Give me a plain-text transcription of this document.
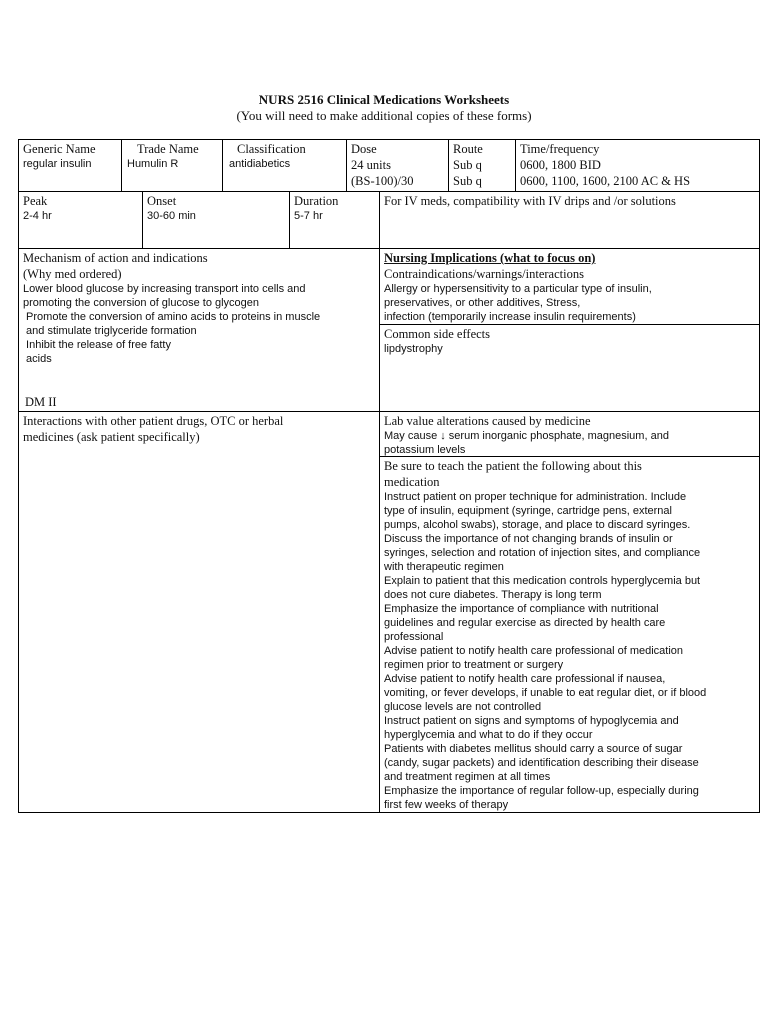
NURS 2516 Clinical Medications Worksheets
(You will need to make additional copies of these forms)
Generic Name
regular insulin
Trade Name
Humulin R
Classification
antidiabetics
Dose
24 units
(BS-100)/30
Route
Sub q
Sub q
Time/frequency
0600, 1800 BID
0600, 1100, 1600, 2100 AC & HS
Peak
2-4 hr
Onset
30-60 min
Duration
5-7 hr
For IV meds, compatibility with IV drips and /or solutions
Mechanism of action and indications
(Why med ordered)
Lower blood glucose by increasing transport into cells and
promoting the conversion of glucose to glycogen
Promote the conversion of amino acids to proteins in muscle
and stimulate triglyceride formation
Inhibit the release of free fatty
acids
DM II
Nursing Implications (what to focus on)
Contraindications/warnings/interactions
Allergy or hypersensitivity to a particular type of insulin,
preservatives, or other additives, Stress,
infection (temporarily increase insulin requirements)
Common side effects
lipdystrophy
Interactions with other patient drugs, OTC or herbal
medicines (ask patient specifically)
Lab value alterations caused by medicine
May cause ↓ serum inorganic phosphate, magnesium, and
potassium levels
Be sure to teach the patient the following about this
medication
Instruct patient on proper technique for administration. Include
type of insulin, equipment (syringe, cartridge pens, external
pumps, alcohol swabs), storage, and place to discard syringes.
Discuss the importance of not changing brands of insulin or
syringes, selection and rotation of injection sites, and compliance
with therapeutic regimen
Explain to patient that this medication controls hyperglycemia but
does not cure diabetes. Therapy is long term
Emphasize the importance of compliance with nutritional
guidelines and regular exercise as directed by health care
professional
Advise patient to notify health care professional of medication
regimen prior to treatment or surgery
Advise patient to notify health care professional if nausea,
vomiting, or fever develops, if unable to eat regular diet, or if blood
glucose levels are not controlled
Instruct patient on signs and symptoms of hypoglycemia and
hyperglycemia and what to do if they occur
Patients with diabetes mellitus should carry a source of sugar
(candy, sugar packets) and identification describing their disease
and treatment regimen at all times
Emphasize the importance of regular follow-up, especially during
first few weeks of therapy
